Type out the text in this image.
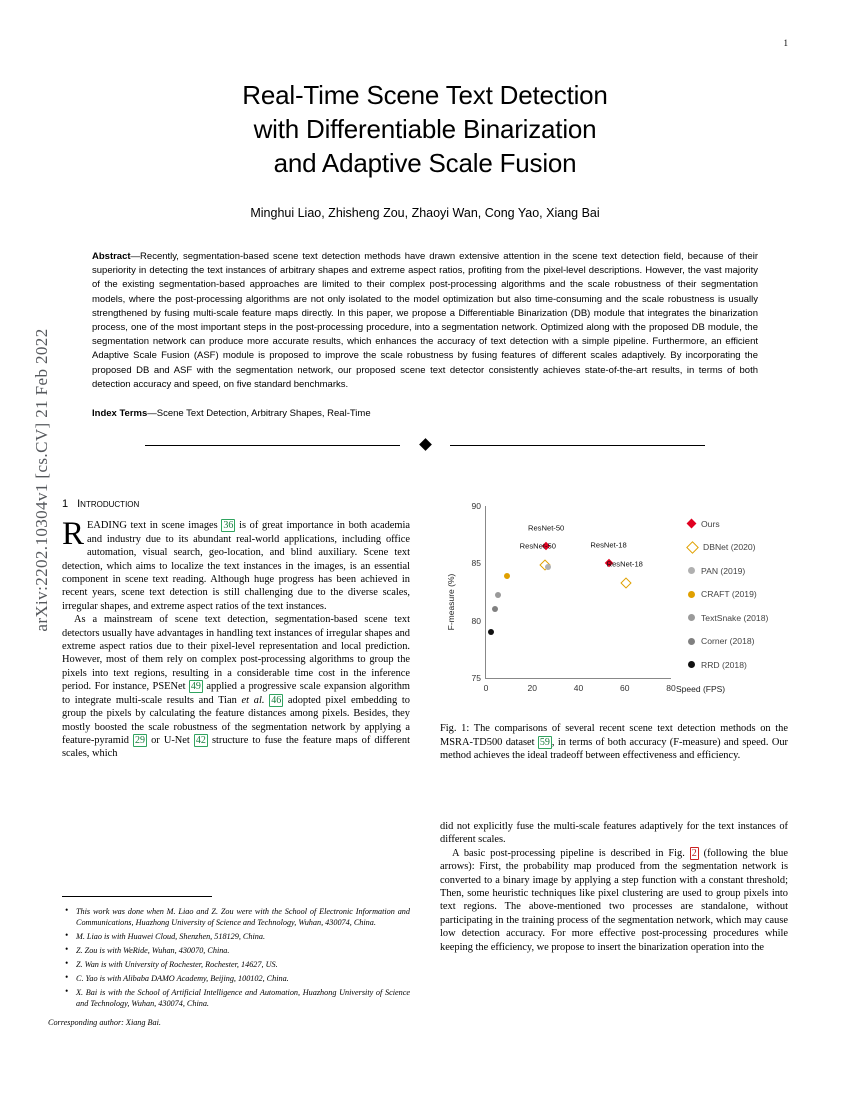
1
arXiv:2202.10304v1 [cs.CV] 21 Feb 2022
Real-Time Scene Text Detection
with Differentiable Binarization
and Adaptive Scale Fusion
Minghui Liao, Zhisheng Zou, Zhaoyi Wan, Cong Yao, Xiang Bai
Abstract—Recently, segmentation-based scene text detection methods have drawn extensive attention in the scene text detection field, because of their superiority in detecting the text instances of arbitrary shapes and extreme aspect ratios, profiting from the pixel-level descriptions. However, the vast majority of the existing segmentation-based approaches are limited to their complex post-processing algorithms and the scale robustness of their segmentation models, where the post-processing algorithms are not only isolated to the model optimization but also time-consuming and the scale robustness is usually strengthened by fusing multi-scale feature maps directly. In this paper, we propose a Differentiable Binarization (DB) module that integrates the binarization process, one of the most important steps in the post-processing procedure, into a segmentation network. Optimized along with the proposed DB module, the segmentation network can produce more accurate results, which enhances the accuracy of text detection with a simple pipeline. Furthermore, an efficient Adaptive Scale Fusion (ASF) module is proposed to improve the scale robustness by fusing features of different scales adaptively. By incorporating the proposed DB and ASF with the segmentation network, our proposed scene text detector consistently achieves state-of-the-art results, in terms of both detection accuracy and speed, on five standard benchmarks.
Index Terms—Scene Text Detection, Arbitrary Shapes, Real-Time
1 Introduction

READING text in scene images 36 is of great importance in both academia and industry due to its abundant real-world applications, including office automation, visual search, geo-location, and blind auxiliary. Scene text detection, which aims to localize the text instances in the images, is an essential component in scene text reading. Although huge progress has been achieved in recent years, scene text detection is still challenging due to the diverse scales, irregular shapes, and extreme aspect ratios of the text instances.

As a mainstream of scene text detection, segmentation-based scene text detectors usually have advantages in handling text instances of irregular shapes and extreme aspect ratios due to their pixel-level representation and local prediction. However, most of them rely on complex post-processing algorithms to group the pixels into text regions, resulting in a considerable time cost in the inference period. For instance, PSENet 49 applied a progressive scale expansion algorithm to integrate multi-scale results and Tian et al. 46 adopted pixel embedding to group the pixels by calculating the feature distances among pixels. Besides, they mostly boosted the scale robustness of the segmentation network by applying a feature-pyramid 29 or U-Net 42 structure to fuse the feature maps of different scales, which

• This work was done when M. Liao and Z. Zou were with the School of Electronic Information and Communications, Huazhong University of Science and Technology, Wuhan, 430074, China.
• M. Liao is with Huawei Cloud, Shenzhen, 518129, China.
• Z. Zou is with WeRide, Wuhan, 430070, China.
• Z. Wan is with University of Rochester, Rochester, 14627, US.
• C. Yao is with Alibaba DAMO Academy, Beijing, 100102, China.
• X. Bai is with the School of Artificial Intelligence and Automation, Huazhong University of Science and Technology, Wuhan, 430074, China.
Corresponding author: Xiang Bai.
90
85
80
75
0	20	40	60	80
ResNet-50
ResNet-18
ResNet-50
ResNet-18
F-measure (%)
Speed (FPS)
Ours
DBNet (2020)
PAN (2019)
CRAFT (2019)
TextSnake (2018)
Corner (2018)
RRD (2018)
Fig. 1: The comparisons of several recent scene text detection methods on the MSRA-TD500 dataset 59 , in terms of both accuracy (F-measure) and speed. Our method achieves the ideal tradeoff between effectiveness and efficiency.

did not explicitly fuse the multi-scale features adaptively for the text instances of different scales.

A basic post-processing pipeline is described in Fig. 2 (following the blue arrows): First, the probability map produced from the segmentation network is converted to a binary image by applying a step function with a constant threshold; Then, some heuristic techniques like pixel clustering are used to group pixels into text regions. The above-mentioned two processes are standalone, without participating in the training process of the segmentation network, which may cause low detection accuracy. For more effective post-processing procedures while keeping the efficiency, we propose to insert the binarization operation into the
